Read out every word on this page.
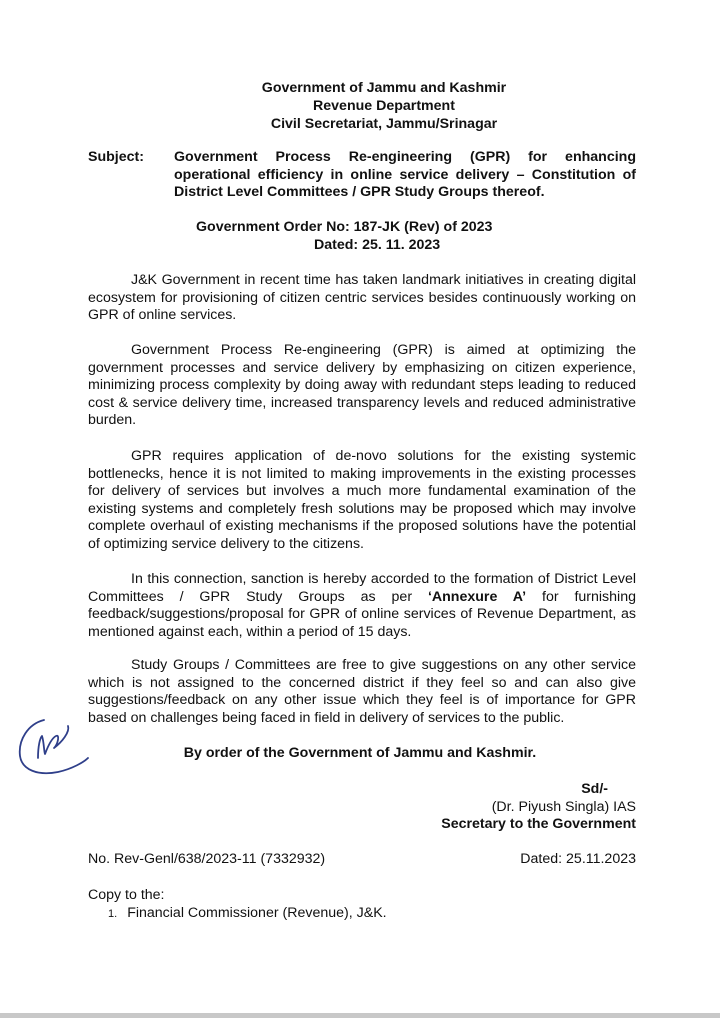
Government of Jammu and Kashmir
Revenue Department
Civil Secretariat, Jammu/Srinagar
Subject: Government Process Re-engineering (GPR) for enhancing operational efficiency in online service delivery – Constitution of District Level Committees / GPR Study Groups thereof.
Government Order No: 187-JK (Rev) of 2023
Dated: 25. 11. 2023

J&K Government in recent time has taken landmark initiatives in creating digital ecosystem for provisioning of citizen centric services besides continuously working on GPR of online services.

Government Process Re-engineering (GPR) is aimed at optimizing the government processes and service delivery by emphasizing on citizen experience, minimizing process complexity by doing away with redundant steps leading to reduced cost & service delivery time, increased transparency levels and reduced administrative burden.

GPR requires application of de-novo solutions for the existing systemic bottlenecks, hence it is not limited to making improvements in the existing processes for delivery of services but involves a much more fundamental examination of the existing systems and completely fresh solutions may be proposed which may involve complete overhaul of existing mechanisms if the proposed solutions have the potential of optimizing service delivery to the citizens.

In this connection, sanction is hereby accorded to the formation of District Level Committees / GPR Study Groups as per ‘Annexure A’ for furnishing feedback/suggestions/proposal for GPR of online services of Revenue Department, as mentioned against each, within a period of 15 days.

Study Groups / Committees are free to give suggestions on any other service which is not assigned to the concerned district if they feel so and can also give suggestions/feedback on any other issue which they feel is of importance for GPR based on challenges being faced in field in delivery of services to the public.

By order of the Government of Jammu and Kashmir.
Sd/-
(Dr. Piyush Singla) IAS
Secretary to the Government
No. Rev-Genl/638/2023-11 (7332932)	Dated: 25.11.2023
Copy to the:
1. Financial Commissioner (Revenue), J&K.
